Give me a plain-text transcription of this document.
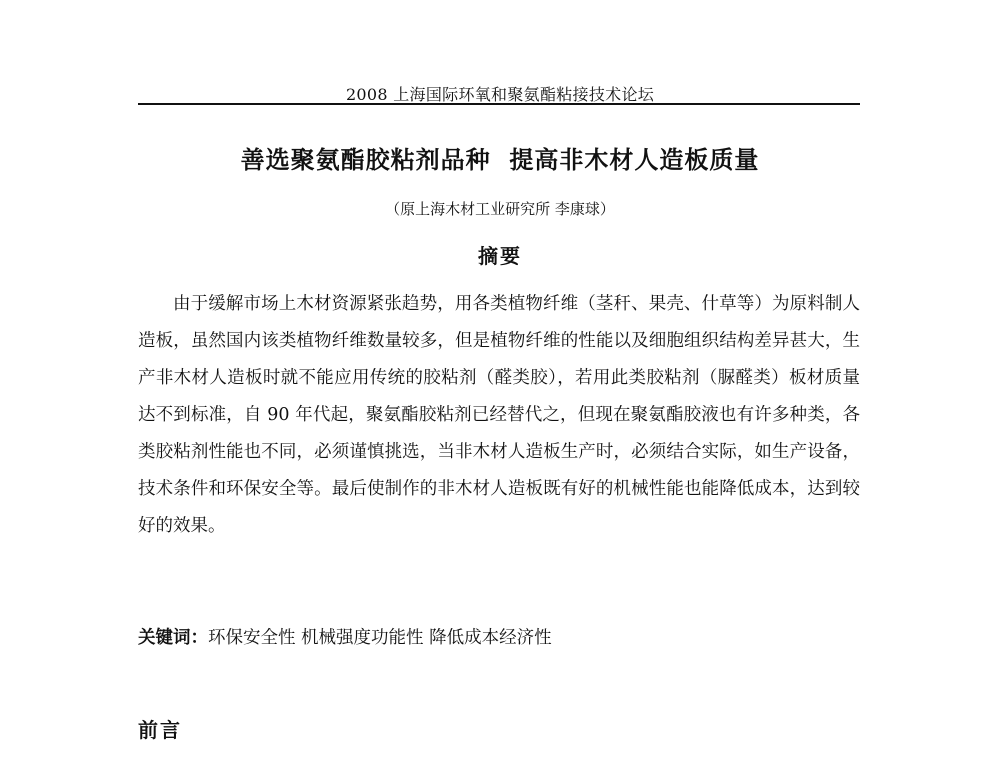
2008 上海国际环氧和聚氨酯粘接技术论坛
善选聚氨酯胶粘剂品种  提高非木材人造板质量
（原上海木材工业研究所 李康球）
摘要

由于缓解市场上木材资源紧张趋势，用各类植物纤维（茎秆、果壳、什草等）为原料制人造板，虽然国内该类植物纤维数量较多，但是植物纤维的性能以及细胞组织结构差异甚大，生产非木材人造板时就不能应用传统的胶粘剂（醛类胶），若用此类胶粘剂（脲醛类）板材质量达不到标准，自 90 年代起，聚氨酯胶粘剂已经替代之，但现在聚氨酯胶液也有许多种类，各类胶粘剂性能也不同，必须谨慎挑选，当非木材人造板生产时，必须结合实际，如生产设备，技术条件和环保安全等。最后使制作的非木材人造板既有好的机械性能也能降低成本，达到较好的效果。

关键词：环保安全性 机械强度功能性 降低成本经济性
前言
